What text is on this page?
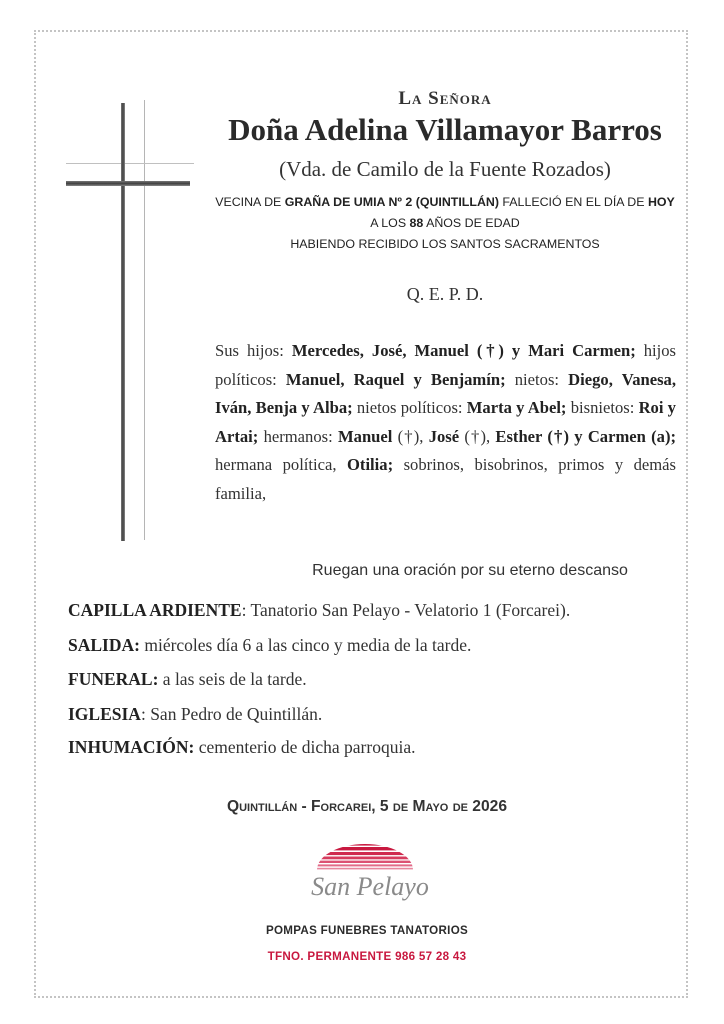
La Señora
Doña Adelina Villamayor Barros
(Vda. de Camilo de la Fuente Rozados)
VECINA DE GRAÑA DE UMIA Nº 2 (QUINTILLÁN) FALLECIÓ EN EL DÍA DE HOY
A LOS 88 AÑOS DE EDAD
HABIENDO RECIBIDO LOS SANTOS SACRAMENTOS
Q. E. P. D.
Sus hijos: Mercedes, José, Manuel (†) y Mari Carmen; hijos políticos: Manuel, Raquel y Benjamín; nietos: Diego, Vanesa, Iván, Benja y Alba; nietos políticos: Marta y Abel; bisnietos: Roi y Artai; hermanos: Manuel (†), José (†), Esther (†) y Carmen (a); hermana política, Otilia; sobrinos, bisobrinos, primos y demás familia,
Ruegan una oración por su eterno descanso
CAPILLA ARDIENTE: Tanatorio San Pelayo - Velatorio 1 (Forcarei).
SALIDA: miércoles día 6 a las cinco y media de la tarde.
FUNERAL: a las seis de la tarde.
IGLESIA: San Pedro de Quintillán.
INHUMACIÓN: cementerio de dicha parroquia.
Quintillán - Forcarei, 5 de Mayo de 2026
San Pelayo
POMPAS FUNEBRES TANATORIOS
TFNO. PERMANENTE 986 57 28 43
